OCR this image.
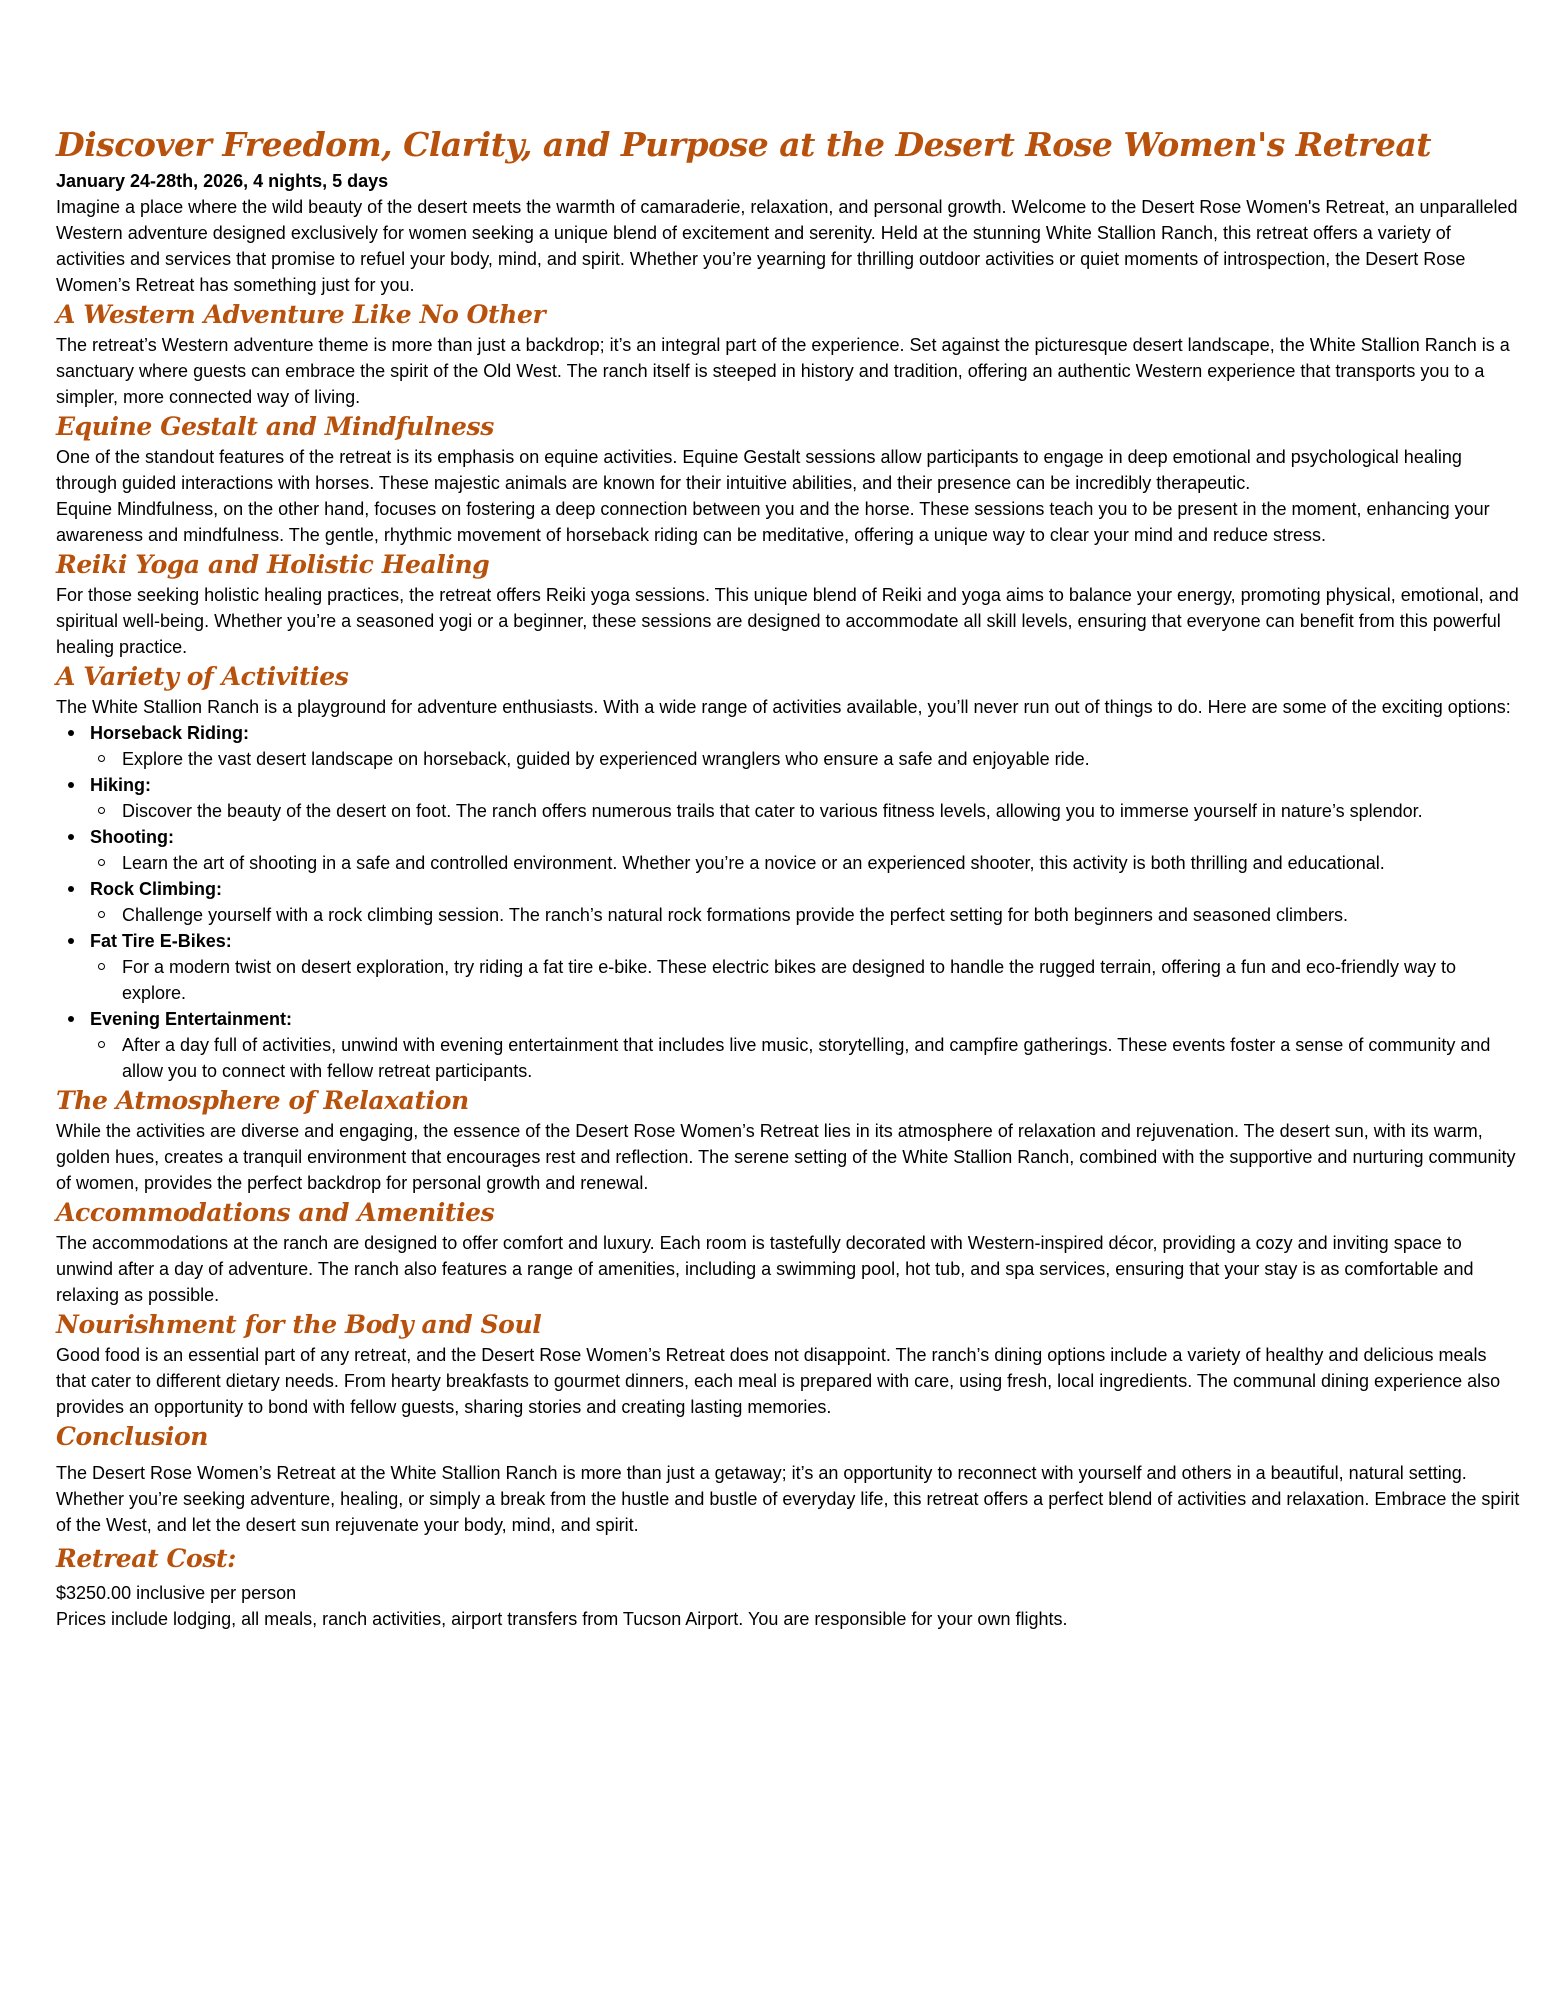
Discover Freedom, Clarity, and Purpose at the Desert Rose Women's Retreat
January 24-28th, 2026, 4 nights, 5 days

Imagine a place where the wild beauty of the desert meets the warmth of camaraderie, relaxation, and personal growth. Welcome to the Desert Rose Women's Retreat, an unparalleled Western adventure designed exclusively for women seeking a unique blend of excitement and serenity. Held at the stunning White Stallion Ranch, this retreat offers a variety of activities and services that promise to refuel your body, mind, and spirit. Whether you’re yearning for thrilling outdoor activities or quiet moments of introspection, the Desert Rose Women’s Retreat has something just for you.

A Western Adventure Like No Other

The retreat’s Western adventure theme is more than just a backdrop; it’s an integral part of the experience. Set against the picturesque desert landscape, the White Stallion Ranch is a sanctuary where guests can embrace the spirit of the Old West. The ranch itself is steeped in history and tradition, offering an authentic Western experience that transports you to a simpler, more connected way of living.

Equine Gestalt and Mindfulness

One of the standout features of the retreat is its emphasis on equine activities. Equine Gestalt sessions allow participants to engage in deep emotional and psychological healing through guided interactions with horses. These majestic animals are known for their intuitive abilities, and their presence can be incredibly therapeutic.

Equine Mindfulness, on the other hand, focuses on fostering a deep connection between you and the horse. These sessions teach you to be present in the moment, enhancing your awareness and mindfulness. The gentle, rhythmic movement of horseback riding can be meditative, offering a unique way to clear your mind and reduce stress.

Reiki Yoga and Holistic Healing

For those seeking holistic healing practices, the retreat offers Reiki yoga sessions. This unique blend of Reiki and yoga aims to balance your energy, promoting physical, emotional, and spiritual well-being. Whether you’re a seasoned yogi or a beginner, these sessions are designed to accommodate all skill levels, ensuring that everyone can benefit from this powerful healing practice.

A Variety of Activities

The White Stallion Ranch is a playground for adventure enthusiasts. With a wide range of activities available, you’ll never run out of things to do. Here are some of the exciting options:

Horseback Riding:
Explore the vast desert landscape on horseback, guided by experienced wranglers who ensure a safe and enjoyable ride.
Hiking:
Discover the beauty of the desert on foot. The ranch offers numerous trails that cater to various fitness levels, allowing you to immerse yourself in nature’s splendor.
Shooting:
Learn the art of shooting in a safe and controlled environment. Whether you’re a novice or an experienced shooter, this activity is both thrilling and educational.
Rock Climbing:
Challenge yourself with a rock climbing session. The ranch’s natural rock formations provide the perfect setting for both beginners and seasoned climbers.
Fat Tire E-Bikes:
For a modern twist on desert exploration, try riding a fat tire e-bike. These electric bikes are designed to handle the rugged terrain, offering a fun and eco-friendly way to explore.
Evening Entertainment:
After a day full of activities, unwind with evening entertainment that includes live music, storytelling, and campfire gatherings. These events foster a sense of community and allow you to connect with fellow retreat participants.
The Atmosphere of Relaxation

While the activities are diverse and engaging, the essence of the Desert Rose Women’s Retreat lies in its atmosphere of relaxation and rejuvenation. The desert sun, with its warm, golden hues, creates a tranquil environment that encourages rest and reflection. The serene setting of the White Stallion Ranch, combined with the supportive and nurturing community of women, provides the perfect backdrop for personal growth and renewal.

Accommodations and Amenities

The accommodations at the ranch are designed to offer comfort and luxury. Each room is tastefully decorated with Western-inspired décor, providing a cozy and inviting space to unwind after a day of adventure. The ranch also features a range of amenities, including a swimming pool, hot tub, and spa services, ensuring that your stay is as comfortable and relaxing as possible.

Nourishment for the Body and Soul

Good food is an essential part of any retreat, and the Desert Rose Women’s Retreat does not disappoint. The ranch’s dining options include a variety of healthy and delicious meals that cater to different dietary needs. From hearty breakfasts to gourmet dinners, each meal is prepared with care, using fresh, local ingredients. The communal dining experience also provides an opportunity to bond with fellow guests, sharing stories and creating lasting memories.

Conclusion

The Desert Rose Women’s Retreat at the White Stallion Ranch is more than just a getaway; it’s an opportunity to reconnect with yourself and others in a beautiful, natural setting. Whether you’re seeking adventure, healing, or simply a break from the hustle and bustle of everyday life, this retreat offers a perfect blend of activities and relaxation. Embrace the spirit of the West, and let the desert sun rejuvenate your body, mind, and spirit.

Retreat Cost:

$3250.00 inclusive per person

Prices include lodging, all meals, ranch activities, airport transfers from Tucson Airport. You are responsible for your own flights.
